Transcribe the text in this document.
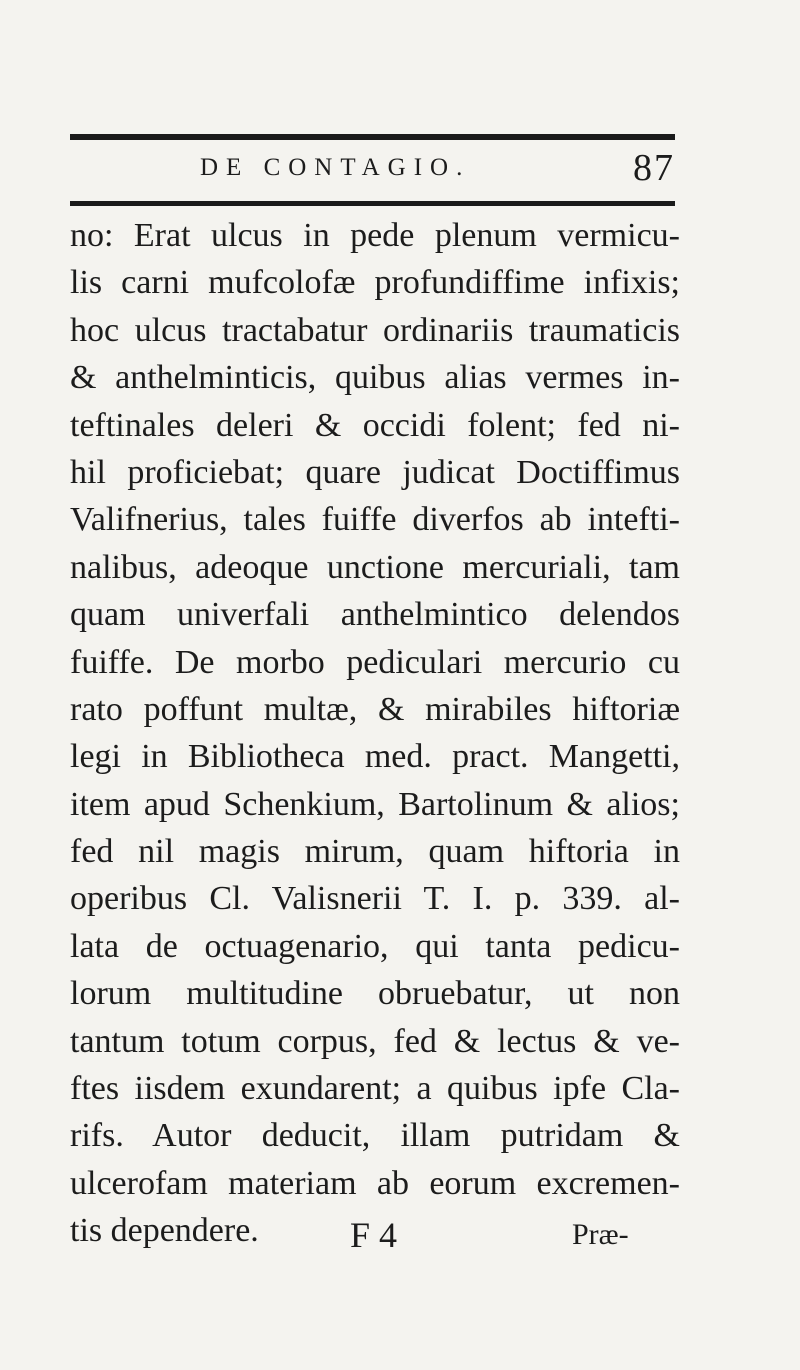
DE CONTAGIO.	87
no: Erat ulcus in pede plenum vermicu-
lis carni mufcolofæ profundiffime infixis;
hoc ulcus tractabatur ordinariis traumaticis
& anthelminticis, quibus alias vermes in-
teftinales deleri & occidi folent; fed ni-
hil proficiebat; quare judicat Doctiffimus
Valifnerius, tales fuiffe diverfos ab intefti-
nalibus, adeoque unctione mercuriali, tam
quam univerfali anthelmintico delendos
fuiffe. De morbo pediculari mercurio cu
rato poffunt multæ, & mirabiles hiftoriæ
legi in Bibliotheca med. pract. Mangetti,
item apud Schenkium, Bartolinum & alios;
fed nil magis mirum, quam hiftoria in
operibus Cl. Valisnerii T. I. p. 339. al-
lata de octuagenario, qui tanta pedicu-
lorum multitudine obruebatur, ut non
tantum totum corpus, fed & lectus & ve-
ftes iisdem exundarent; a quibus ipfe Cla-
rifs. Autor deducit, illam putridam &
ulcerofam materiam ab eorum excremen-
tis dependere.	F 4	Præ-
